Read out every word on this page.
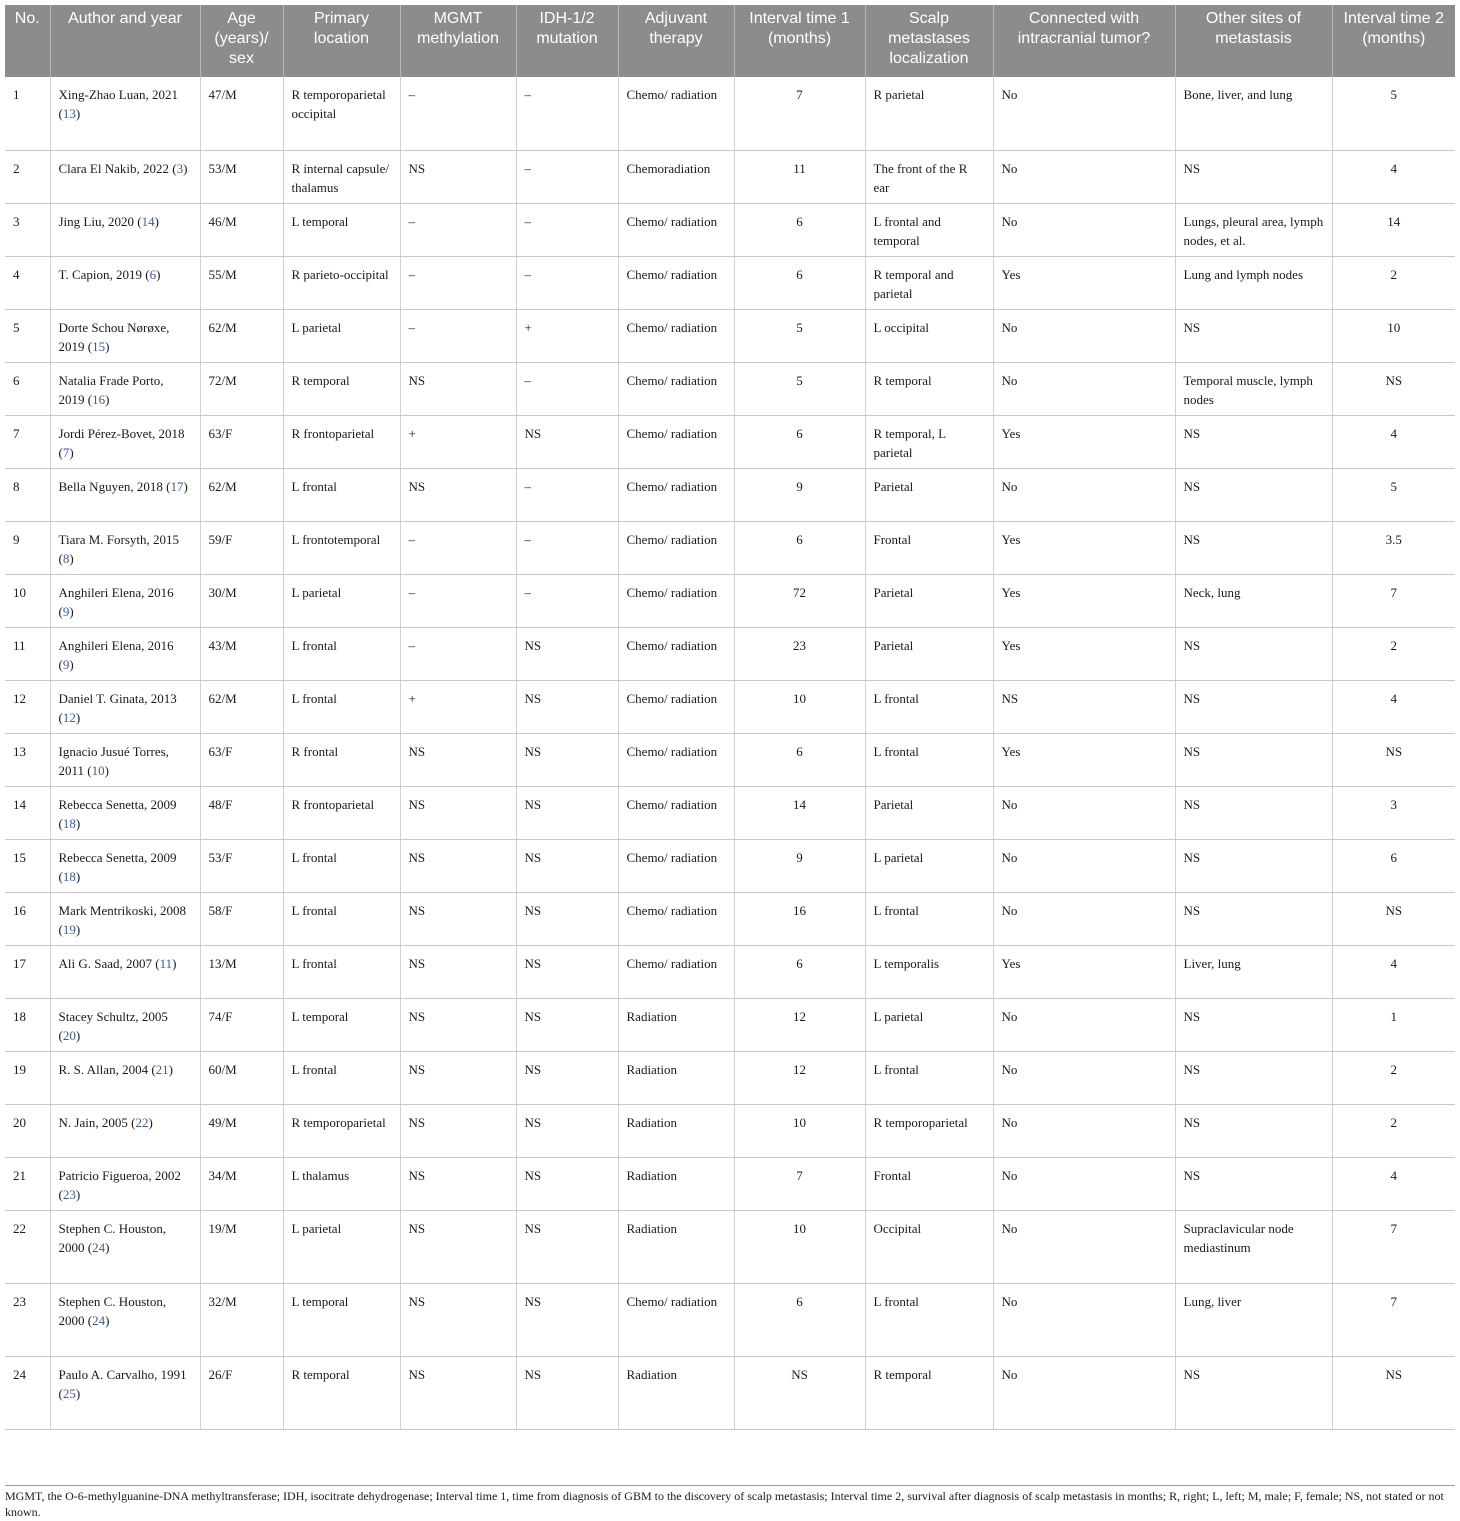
No.	Author and year	Age (years)/ sex	Primary location	MGMT methylation	IDH-1/2 mutation	Adjuvant therapy	Interval time 1 (months)	Scalp metastases localization	Connected with intracranial tumor?	Other sites of metastasis	Interval time 2 (months)
1	Xing-Zhao Luan, 2021 (13)	47/M	R temporoparietal occipital	–	–	Chemo/ radiation	7	R parietal	No	Bone, liver, and lung	5
2	Clara El Nakib, 2022 (3)	53/M	R internal capsule/ thalamus	NS	–	Chemoradiation	11	The front of the R ear	No	NS	4
3	Jing Liu, 2020 (14)	46/M	L temporal	–	–	Chemo/ radiation	6	L frontal and temporal	No	Lungs, pleural area, lymph nodes, et al.	14
4	T. Capion, 2019 (6)	55/M	R parieto-occipital	–	–	Chemo/ radiation	6	R temporal and parietal	Yes	Lung and lymph nodes	2
5	Dorte Schou Nørøxe, 2019 (15)	62/M	L parietal	–	+	Chemo/ radiation	5	L occipital	No	NS	10
6	Natalia Frade Porto, 2019 (16)	72/M	R temporal	NS	–	Chemo/ radiation	5	R temporal	No	Temporal muscle, lymph nodes	NS
7	Jordi Pérez-Bovet, 2018 (7)	63/F	R frontoparietal	+	NS	Chemo/ radiation	6	R temporal, L parietal	Yes	NS	4
8	Bella Nguyen, 2018 (17)	62/M	L frontal	NS	–	Chemo/ radiation	9	Parietal	No	NS	5
9	Tiara M. Forsyth, 2015 (8)	59/F	L frontotemporal	–	–	Chemo/ radiation	6	Frontal	Yes	NS	3.5
10	Anghileri Elena, 2016 (9)	30/M	L parietal	–	–	Chemo/ radiation	72	Parietal	Yes	Neck, lung	7
11	Anghileri Elena, 2016 (9)	43/M	L frontal	–	NS	Chemo/ radiation	23	Parietal	Yes	NS	2
12	Daniel T. Ginata, 2013 (12)	62/M	L frontal	+	NS	Chemo/ radiation	10	L frontal	NS	NS	4
13	Ignacio Jusué Torres, 2011 (10)	63/F	R frontal	NS	NS	Chemo/ radiation	6	L frontal	Yes	NS	NS
14	Rebecca Senetta, 2009 (18)	48/F	R frontoparietal	NS	NS	Chemo/ radiation	14	Parietal	No	NS	3
15	Rebecca Senetta, 2009 (18)	53/F	L frontal	NS	NS	Chemo/ radiation	9	L parietal	No	NS	6
16	Mark Mentrikoski, 2008 (19)	58/F	L frontal	NS	NS	Chemo/ radiation	16	L frontal	No	NS	NS
17	Ali G. Saad, 2007 (11)	13/M	L frontal	NS	NS	Chemo/ radiation	6	L temporalis	Yes	Liver, lung	4
18	Stacey Schultz, 2005 (20)	74/F	L temporal	NS	NS	Radiation	12	L parietal	No	NS	1
19	R. S. Allan, 2004 (21)	60/M	L frontal	NS	NS	Radiation	12	L frontal	No	NS	2
20	N. Jain, 2005 (22)	49/M	R temporoparietal	NS	NS	Radiation	10	R temporoparietal	No	NS	2
21	Patricio Figueroa, 2002 (23)	34/M	L thalamus	NS	NS	Radiation	7	Frontal	No	NS	4
22	Stephen C. Houston, 2000 (24)	19/M	L parietal	NS	NS	Radiation	10	Occipital	No	Supraclavicular node mediastinum	7
23	Stephen C. Houston, 2000 (24)	32/M	L temporal	NS	NS	Chemo/ radiation	6	L frontal	No	Lung, liver	7
24	Paulo A. Carvalho, 1991 (25)	26/F	R temporal	NS	NS	Radiation	NS	R temporal	No	NS	NS
MGMT, the O-6-methylguanine-DNA methyltransferase; IDH, isocitrate dehydrogenase; Interval time 1, time from diagnosis of GBM to the discovery of scalp metastasis; Interval time 2, survival after diagnosis of scalp metastasis in months; R, right; L, left; M, male; F, female; NS, not stated or not known.
